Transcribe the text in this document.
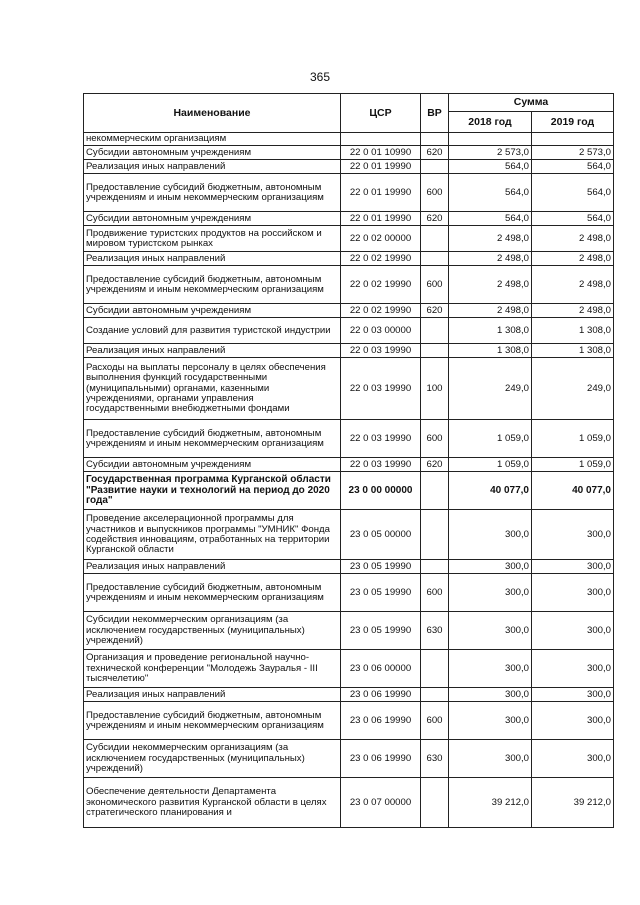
365
Наименование	ЦСР	ВР	Сумма	
			2018 год	2019 год
некоммерческим организациям				
Субсидии автономным учреждениям	22 0 01 10990	620	2 573,0	2 573,0
Реализация иных направлений	22 0 01 19990		564,0	564,0
Предоставление субсидий бюджетным, автономным учреждениям и иным некоммерческим организациям	22 0 01 19990	600	564,0	564,0
Субсидии автономным учреждениям	22 0 01 19990	620	564,0	564,0
Продвижение туристских продуктов на российском и мировом туристском рынках	22 0 02 00000		2 498,0	2 498,0
Реализация иных направлений	22 0 02 19990		2 498,0	2 498,0
Предоставление субсидий бюджетным, автономным учреждениям и иным некоммерческим организациям	22 0 02 19990	600	2 498,0	2 498,0
Субсидии автономным учреждениям	22 0 02 19990	620	2 498,0	2 498,0
Создание условий для развития туристской индустрии	22 0 03 00000		1 308,0	1 308,0
Реализация иных направлений	22 0 03 19990		1 308,0	1 308,0
Расходы на выплаты персоналу в целях обеспечения выполнения функций государственными (муниципальными) органами, казенными учреждениями, органами управления государственными внебюджетными фондами	22 0 03 19990	100	249,0	249,0
Предоставление субсидий бюджетным, автономным учреждениям и иным некоммерческим организациям	22 0 03 19990	600	1 059,0	1 059,0
Субсидии автономным учреждениям	22 0 03 19990	620	1 059,0	1 059,0
Государственная программа Курганской области "Развитие науки и технологий на период до 2020 года"	23 0 00 00000		40 077,0	40 077,0
Проведение акселерационной программы для участников и выпускников программы "УМНИК" Фонда содействия инновациям, отработанных на территории Курганской области	23 0 05 00000		300,0	300,0
Реализация иных направлений	23 0 05 19990		300,0	300,0
Предоставление субсидий бюджетным, автономным учреждениям и иным некоммерческим организациям	23 0 05 19990	600	300,0	300,0
Субсидии некоммерческим организациям (за исключением государственных (муниципальных) учреждений)	23 0 05 19990	630	300,0	300,0
Организация и проведение региональной научно-технической конференции "Молодежь Зауралья - III тысячелетию"	23 0 06 00000		300,0	300,0
Реализация иных направлений	23 0 06 19990		300,0	300,0
Предоставление субсидий бюджетным, автономным учреждениям и иным некоммерческим организациям	23 0 06 19990	600	300,0	300,0
Субсидии некоммерческим организациям (за исключением государственных (муниципальных) учреждений)	23 0 06 19990	630	300,0	300,0
Обеспечение деятельности Департамента экономического развития Курганской области в целях стратегического планирования и	23 0 07 00000		39 212,0	39 212,0
